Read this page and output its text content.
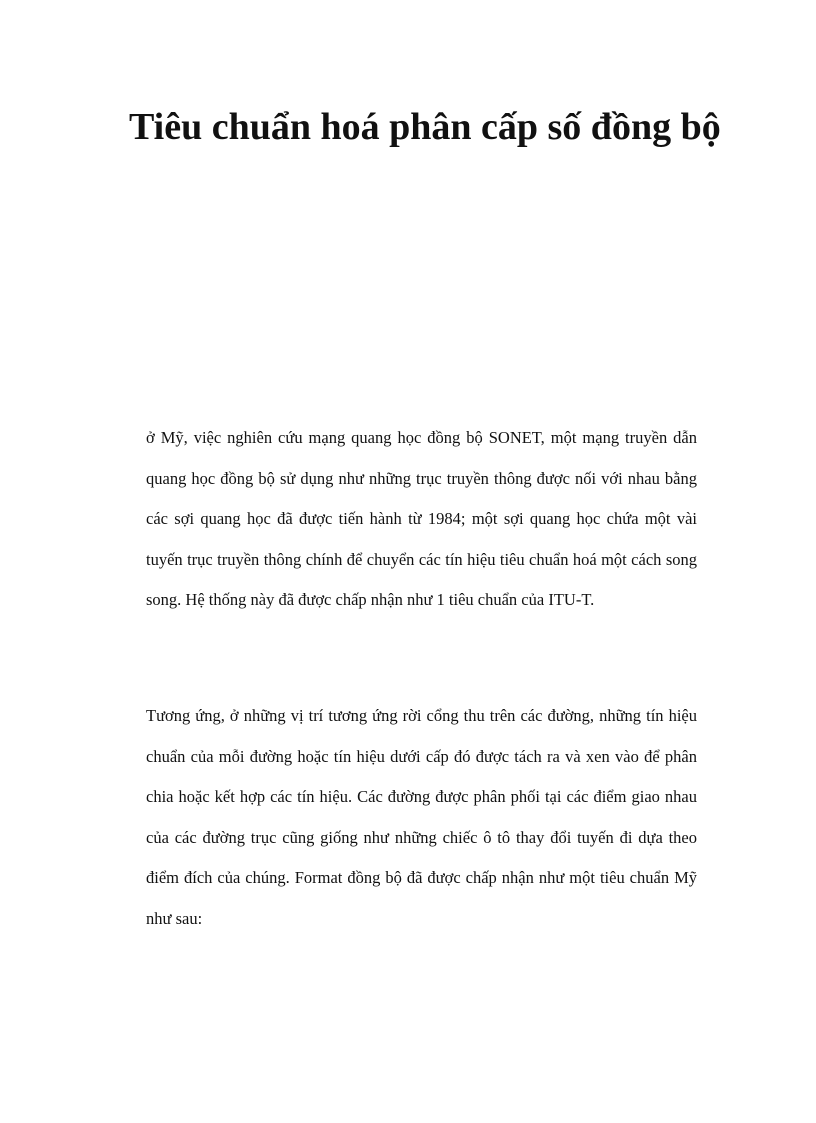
Tiêu chuẩn hoá phân cấp số đồng bộ

ở Mỹ, việc nghiên cứu mạng quang học đồng bộ SONET, một mạng truyền dẫn quang học đồng bộ sử dụng như những trục truyền thông được nối với nhau bằng các sợi quang học đã được tiến hành từ 1984; một sợi quang học chứa một vài tuyến trục truyền thông chính để chuyển các tín hiệu tiêu chuẩn hoá một cách song song. Hệ thống này đã được chấp nhận như 1 tiêu chuẩn của ITU-T.

Tương ứng, ở những vị trí tương ứng rời cổng thu trên các đường, những tín hiệu chuẩn của mỗi đường hoặc tín hiệu dưới cấp đó được tách ra và xen vào để phân chia hoặc kết hợp các tín hiệu. Các đường được phân phối tại các điểm giao nhau của các đường trục cũng giống như những chiếc ô tô thay đổi tuyến đi dựa theo điểm đích của chúng. Format đồng bộ đã được chấp nhận như một tiêu chuẩn Mỹ như sau:
